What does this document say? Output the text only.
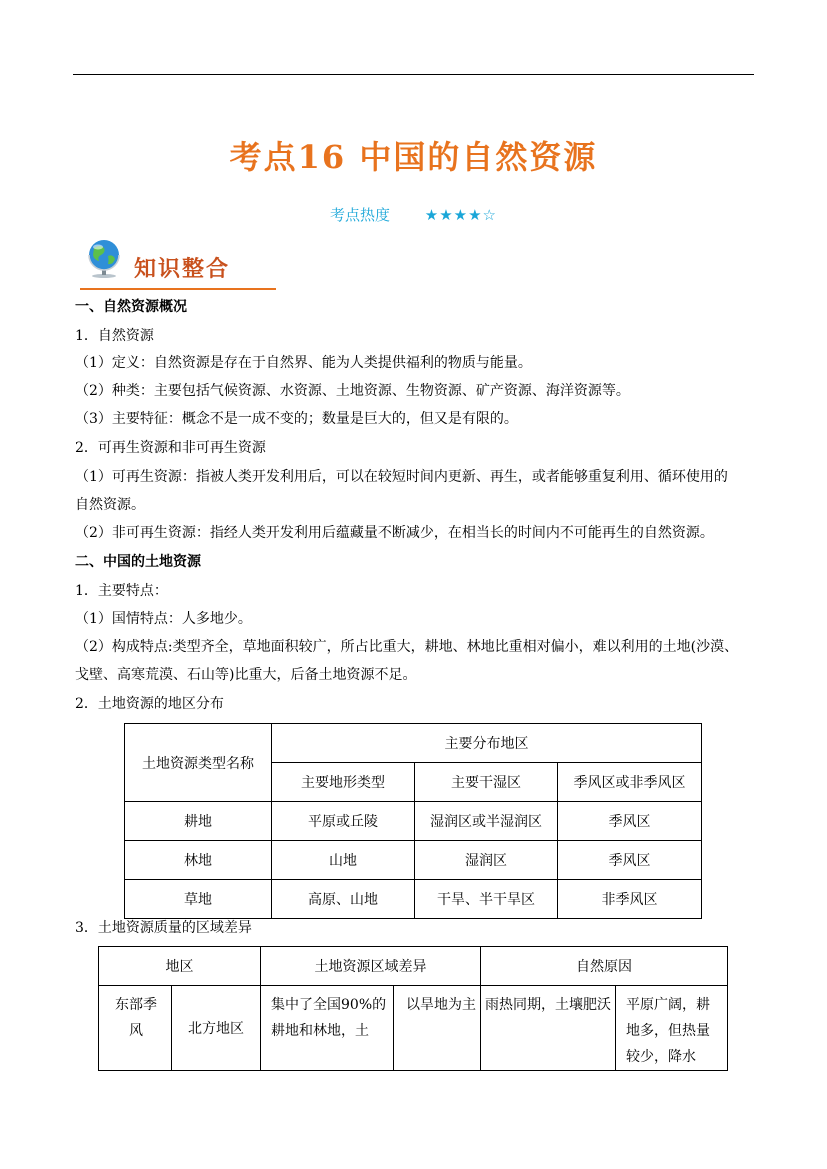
考点16 中国的自然资源
考点热度 ★★★★☆
知识整合
一、自然资源概况
1．自然资源
（1）定义：自然资源是存在于自然界、能为人类提供福利的物质与能量。
（2）种类：主要包括气候资源、水资源、土地资源、生物资源、矿产资源、海洋资源等。
（3）主要特征：概念不是一成不变的；数量是巨大的，但又是有限的。
2．可再生资源和非可再生资源
（1）可再生资源：指被人类开发利用后，可以在较短时间内更新、再生，或者能够重复利用、循环使用的
自然资源。
（2）非可再生资源：指经人类开发利用后蕴藏量不断减少，在相当长的时间内不可能再生的自然资源。
二、中国的土地资源
1．主要特点：
（1）国情特点：人多地少。
（2）构成特点:类型齐全，草地面积较广，所占比重大，耕地、林地比重相对偏小，难以利用的土地(沙漠、
戈壁、高寒荒漠、石山等)比重大，后备土地资源不足。
2．土地资源的地区分布
土地资源类型名称	主要分布地区		
	主要地形类型	主要干湿区	季风区或非季风区
耕地	平原或丘陵	湿润区或半湿润区	季风区
林地	山地	湿润区	季风区
草地	高原、山地	干旱、半干旱区	非季风区
3．土地资源质量的区域差异
地区		土地资源区域差异		自然原因	
东部季风	北方地区	集中了全国90%的耕地和林地，土	以旱地为主	雨热同期，土壤肥沃	平原广阔，耕地多，但热量较少，降水
